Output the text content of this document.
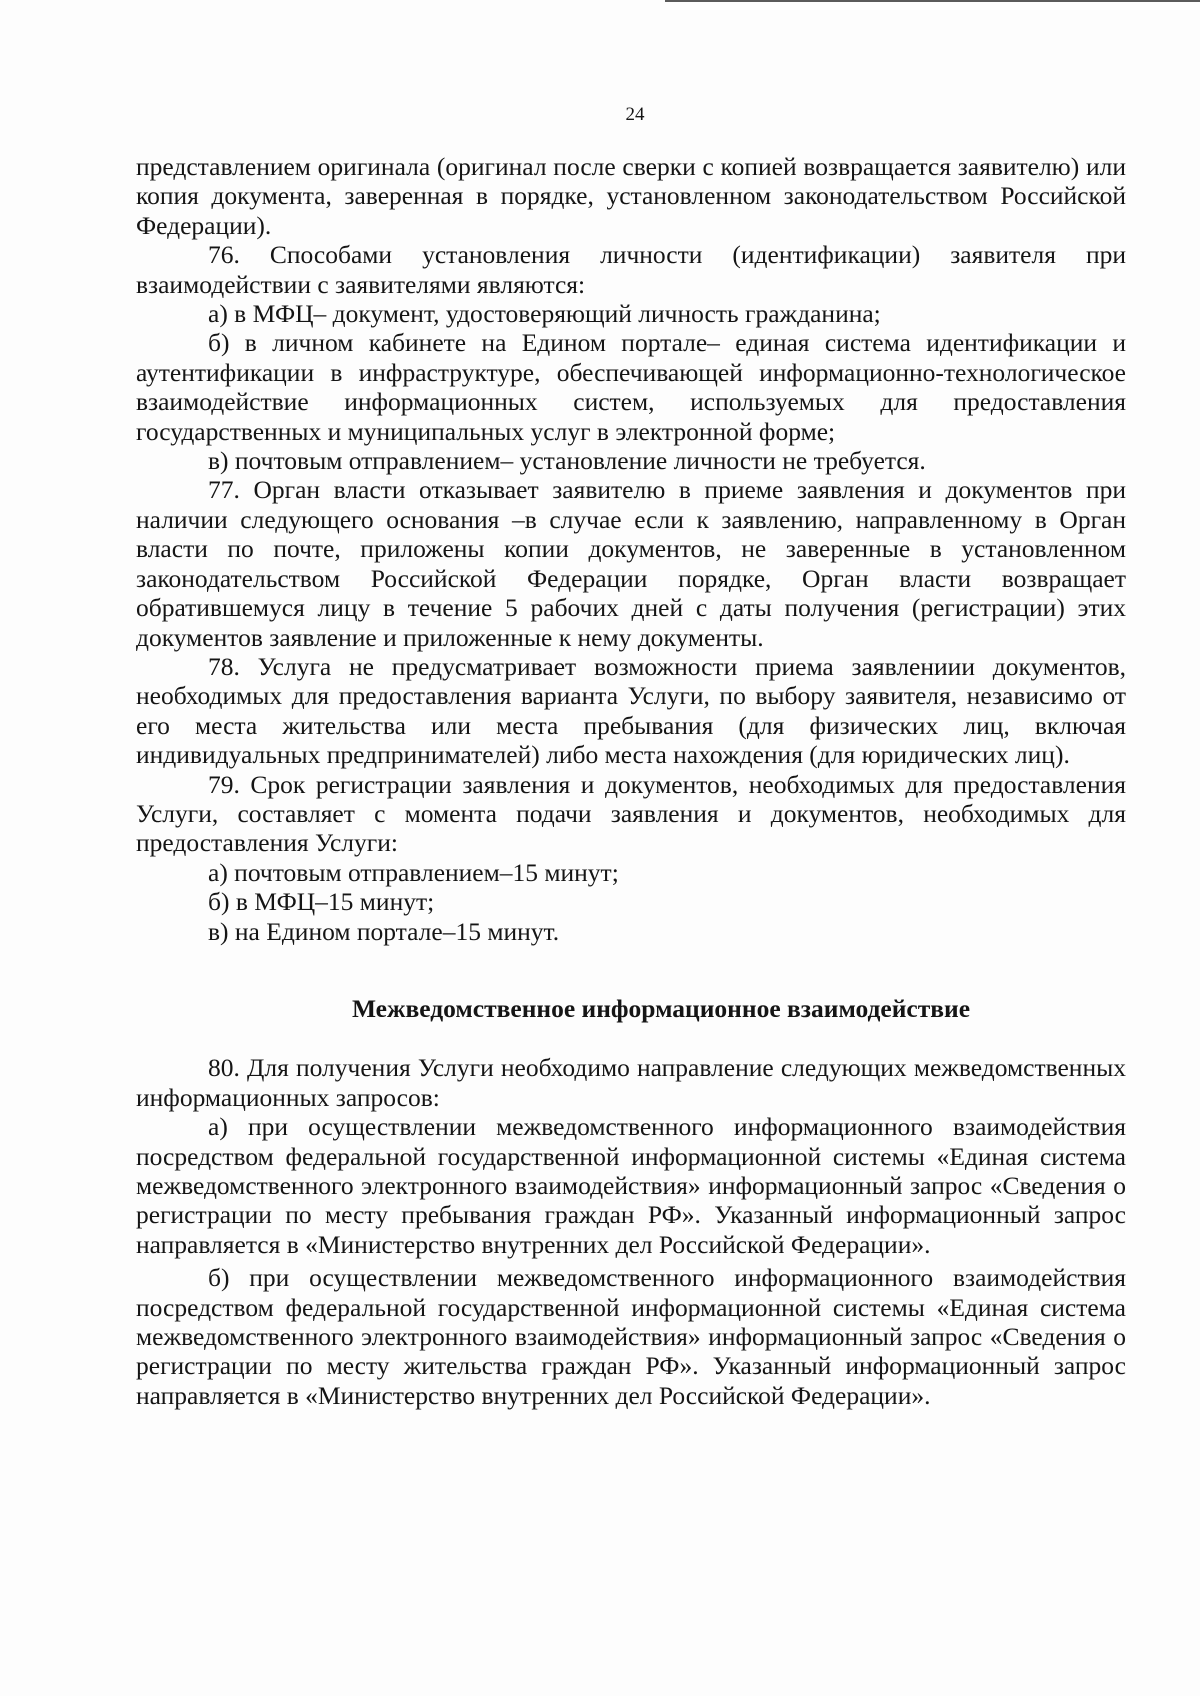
24

представлением оригинала (оригинал после сверки с копией возвращается заявителю) или копия документа, заверенная в порядке, установленном законодательством Российской Федерации).

76. Способами установления личности (идентификации) заявителя при взаимодействии с заявителями являются:

а) в МФЦ– документ, удостоверяющий личность гражданина;

б) в личном кабинете на Едином портале– единая система идентификации и аутентификации в инфраструктуре, обеспечивающей информационно-технологическое взаимодействие информационных систем, используемых для предоставления государственных и муниципальных услуг в электронной форме;

в) почтовым отправлением– установление личности не требуется.

77. Орган власти отказывает заявителю в приеме заявления и документов при наличии следующего основания –в случае если к заявлению, направленному в Орган власти по почте, приложены копии документов, не заверенные в установленном законодательством Российской Федерации порядке, Орган власти возвращает обратившемуся лицу в течение 5 рабочих дней с даты получения (регистрации) этих документов заявление и приложенные к нему документы.

78. Услуга не предусматривает возможности приема заявлениии документов, необходимых для предоставления варианта Услуги, по выбору заявителя, независимо от его места жительства или места пребывания (для физических лиц, включая индивидуальных предпринимателей) либо места нахождения (для юридических лиц).

79. Срок регистрации заявления и документов, необходимых для предоставления Услуги, составляет с момента подачи заявления и документов, необходимых для предоставления Услуги:

а) почтовым отправлением–15 минут;

б) в МФЦ–15 минут;

в) на Едином портале–15 минут.

Межведомственное информационное взаимодействие

80. Для получения Услуги необходимо направление следующих межведомственных информационных запросов:

а) при осуществлении межведомственного информационного взаимодействия посредством федеральной государственной информационной системы «Единая система межведомственного электронного взаимодействия» информационный запрос «Сведения о регистрации по месту пребывания граждан РФ». Указанный информационный запрос направляется в «Министерство внутренних дел Российской Федерации».

б) при осуществлении межведомственного информационного взаимодействия посредством федеральной государственной информационной системы «Единая система межведомственного электронного взаимодействия» информационный запрос «Сведения о регистрации по месту жительства граждан РФ». Указанный информационный запрос направляется в «Министерство внутренних дел Российской Федерации».
